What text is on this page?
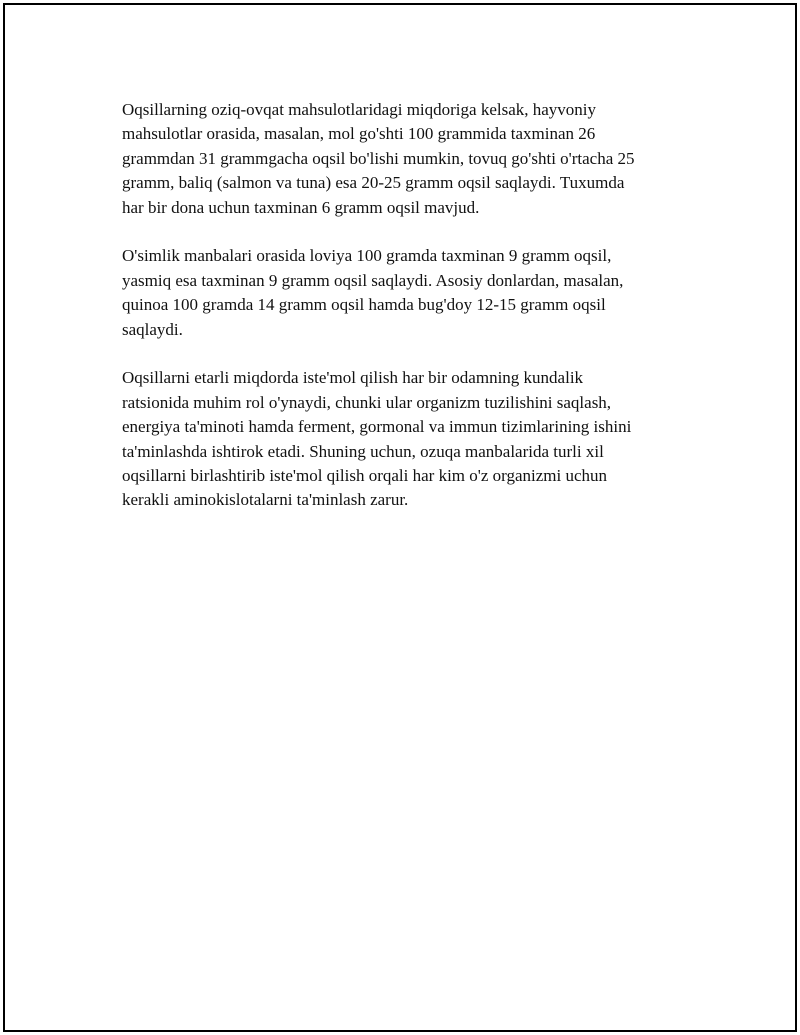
Oqsillarning oziq-ovqat mahsulotlaridagi miqdoriga kelsak, hayvoniy
mahsulotlar orasida, masalan, mol go'shti 100 grammida taxminan 26
grammdan 31 grammgacha oqsil bo'lishi mumkin, tovuq go'shti o'rtacha 25
gramm, baliq (salmon va tuna) esa 20-25 gramm oqsil saqlaydi. Tuxumda
har bir dona uchun taxminan 6 gramm oqsil mavjud.

O'simlik manbalari orasida loviya 100 gramda taxminan 9 gramm oqsil,
yasmiq esa taxminan 9 gramm oqsil saqlaydi. Asosiy donlardan, masalan,
quinoa 100 gramda 14 gramm oqsil hamda bug'doy 12-15 gramm oqsil
saqlaydi.

Oqsillarni etarli miqdorda iste'mol qilish har bir odamning kundalik
ratsionida muhim rol o'ynaydi, chunki ular organizm tuzilishini saqlash,
energiya ta'minoti hamda ferment, gormonal va immun tizimlarining ishini
ta'minlashda ishtirok etadi. Shuning uchun, ozuqa manbalarida turli xil
oqsillarni birlashtirib iste'mol qilish orqali har kim o'z organizmi uchun
kerakli aminokislotalarni ta'minlash zarur.
